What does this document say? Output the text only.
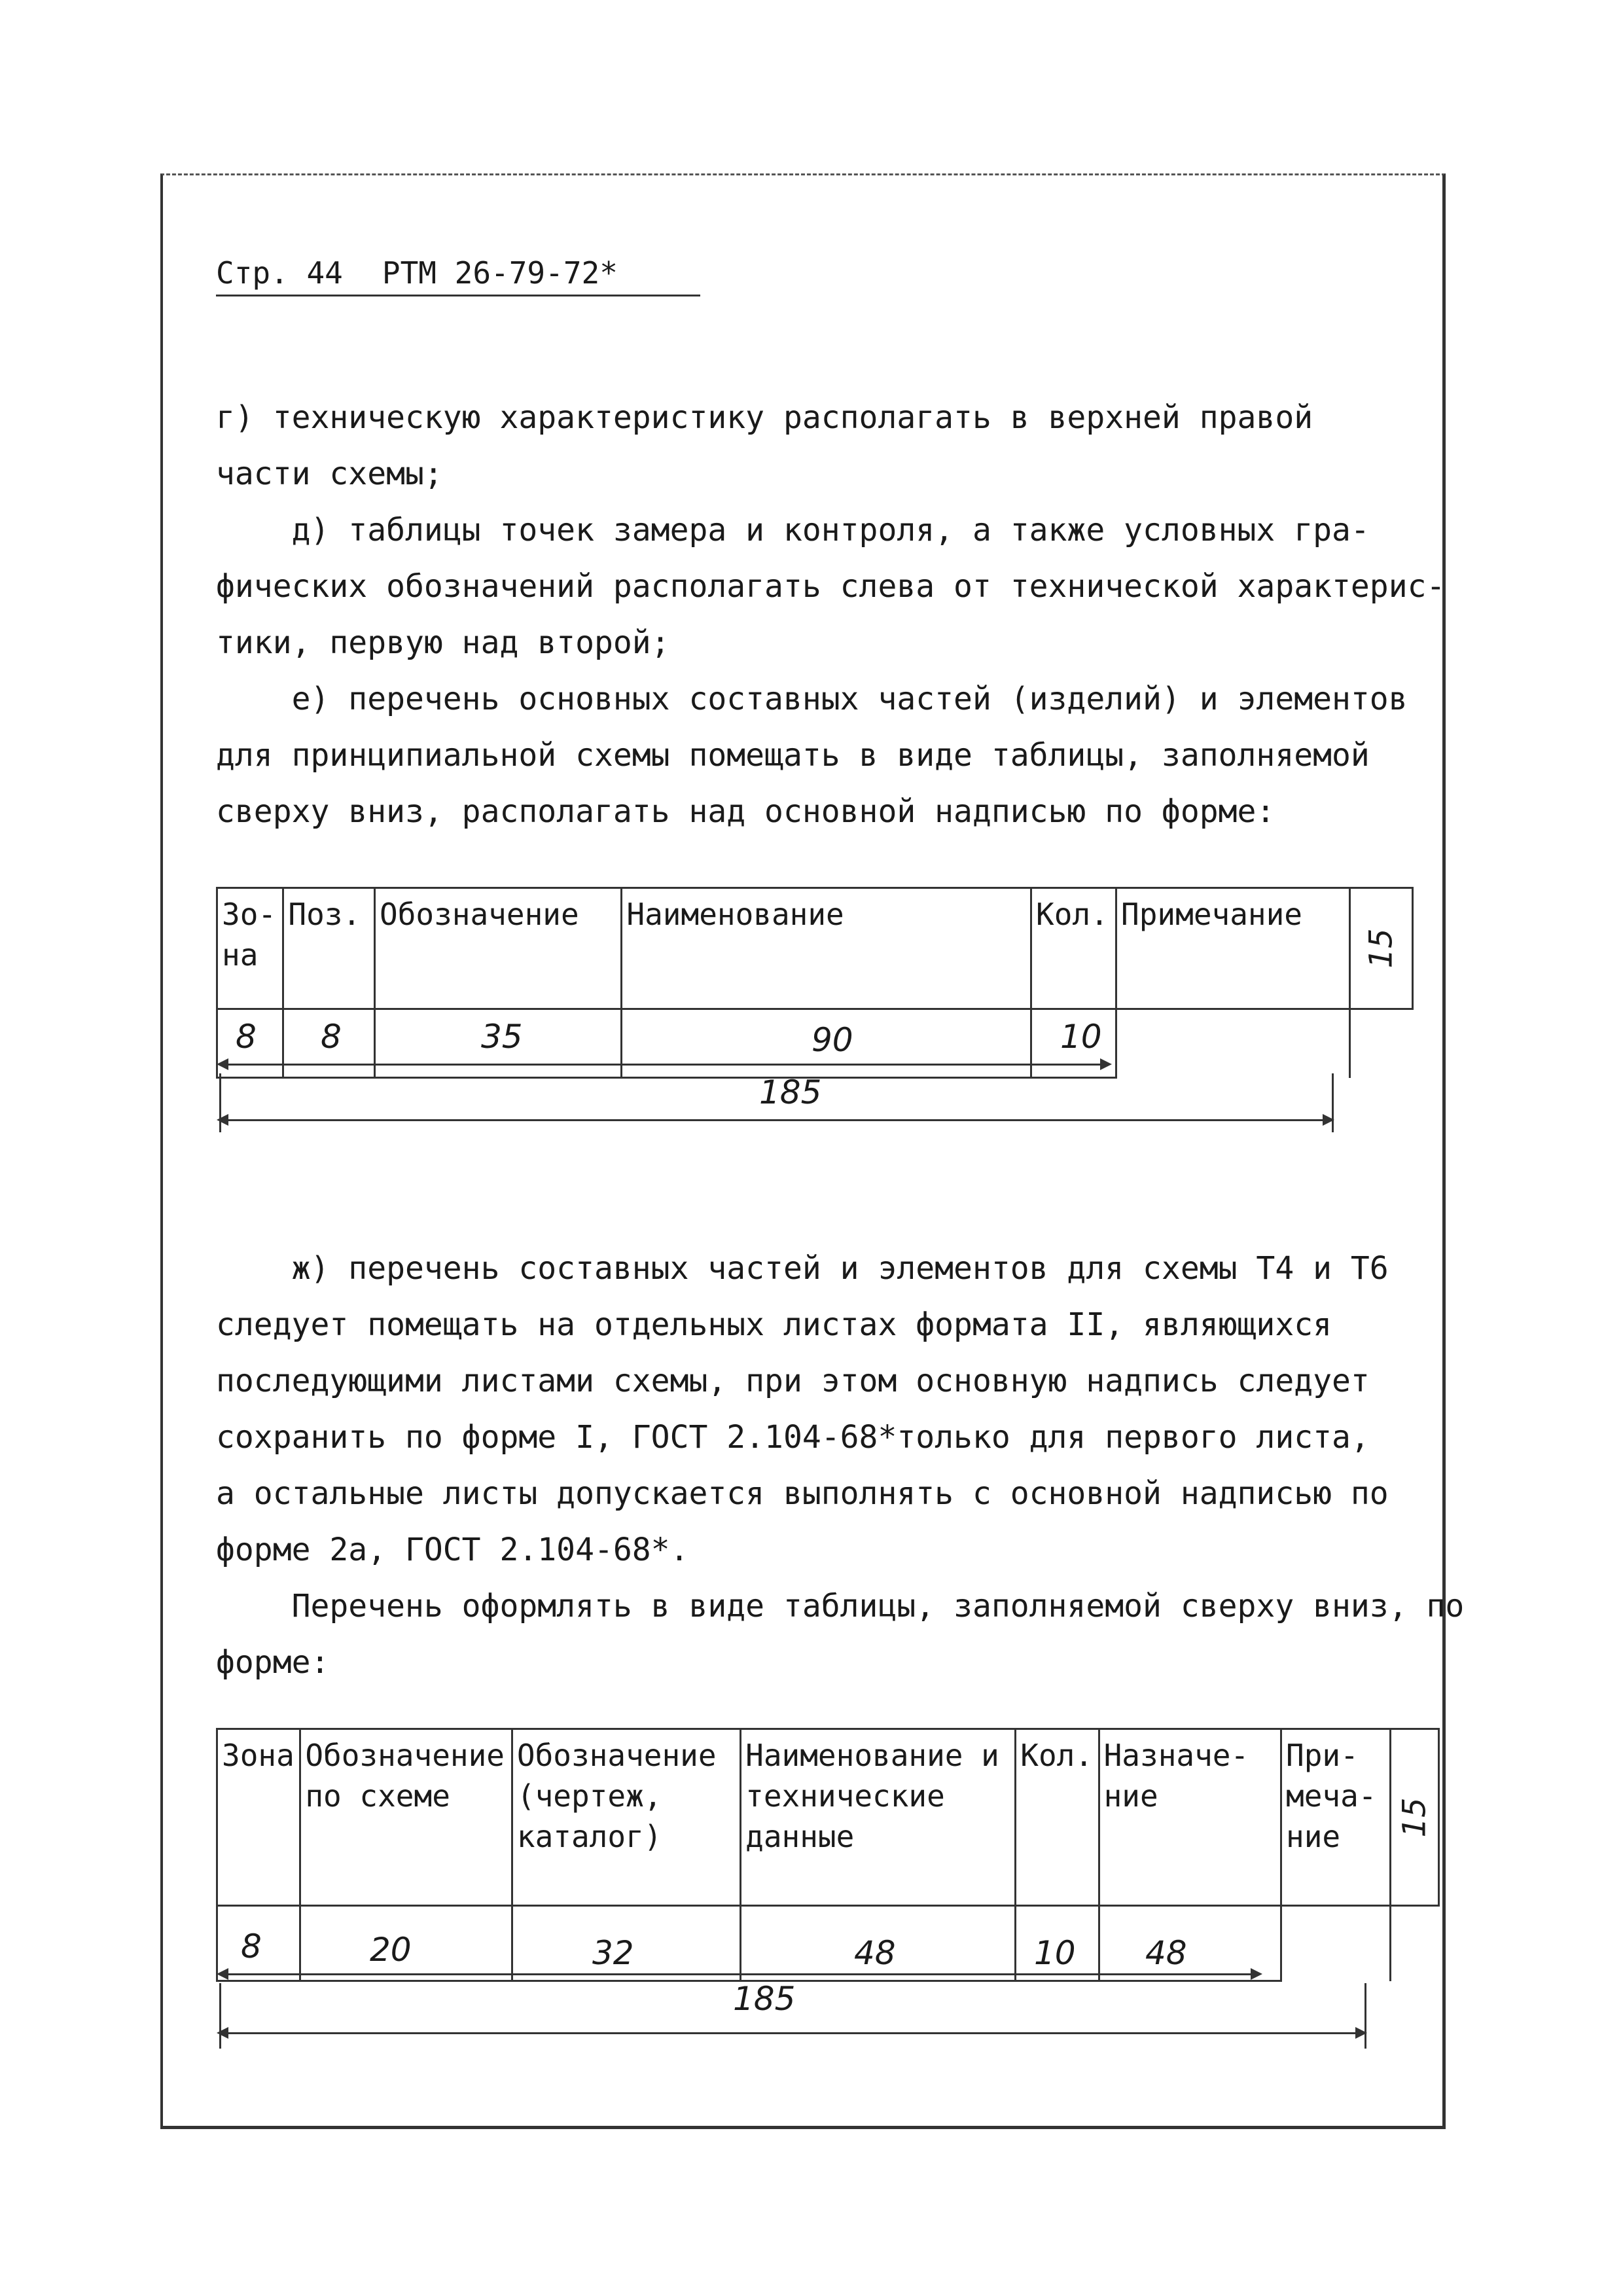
Стр. 44 РТМ 26-79-72*
г) техническую характеристику располагать в верхней правой
части схемы;
д) таблицы точек замера и контроля, а также условных гра-
фических обозначений располагать слева от технической характерис-
тики, первую над второй;
е) перечень основных составных частей (изделий) и элементов
для принципиальной схемы помещать в виде таблицы, заполняемой
сверху вниз, располагать над основной надписью по форме:
Зо-на	Поз.	Обозначение	Наименование	Кол.	Примечание	15

8 8	35	90	10
185
ж) перечень составных частей и элементов для схемы Т4 и Т6
следует помещать на отдельных листах формата II, являющихся
последующими листами схемы, при этом основную надпись следует
сохранить по форме I, ГОСТ 2.104-68*только для первого листа,
а остальные листы допускается выполнять с основной надписью по
форме 2а, ГОСТ 2.104-68*.
Перечень оформлять в виде таблицы, заполняемой сверху вниз, по
форме:
Зона	Обозначение по схеме	Обозначение (чертеж, каталог)	Наименование и технические данные	Кол.	Назначе-ние	При-меча-ние	15

8	20	32	48	10 48
185
